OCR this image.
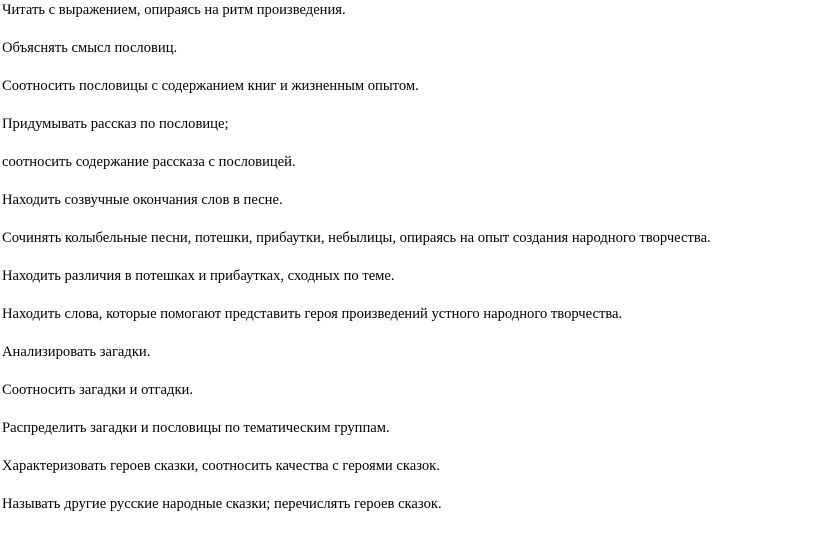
Читать с выражением, опираясь на ритм произведения.

Объяснять смысл пословиц.

Соотносить пословицы с содержанием книг и жизненным опытом.

Придумывать рассказ по пословице;

соотносить содержание рассказа с пословицей.

Находить созвучные окончания слов в песне.

Сочинять колыбельные песни, потешки, прибаутки, небылицы, опираясь на опыт создания народного творчества.

Находить различия в потешках и прибаутках, сходных по теме.

Находить слова, которые помогают представить героя произведений устного народного творчества.

Анализировать загадки.

Соотносить загадки и отгадки.

Распределить загадки и пословицы по тематическим группам.

Характеризовать героев сказки, соотносить качества с героями сказок.

Называть другие русские народные сказки; перечислять героев сказок.
